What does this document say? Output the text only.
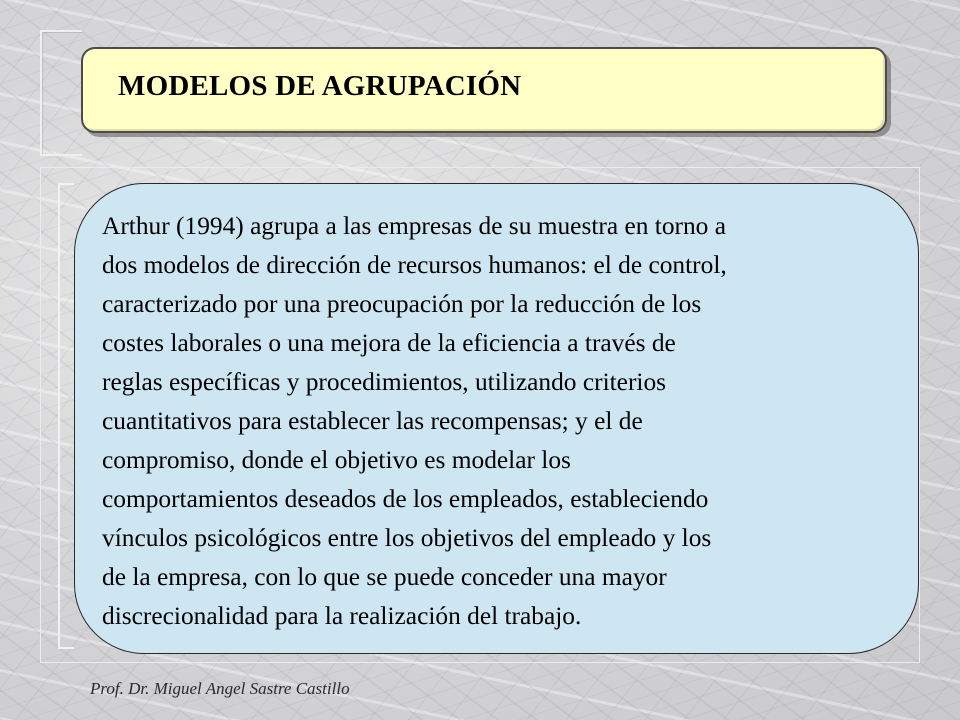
MODELOS DE AGRUPACIÓN
Arthur (1994) agrupa a las empresas de su muestra en torno a
dos modelos de dirección de recursos humanos: el de control,
caracterizado por una preocupación por la reducción de los
costes laborales o una mejora de la eficiencia a través de
reglas específicas y procedimientos, utilizando criterios
cuantitativos para establecer las recompensas; y el de
compromiso, donde el objetivo es modelar los
comportamientos deseados de los empleados, estableciendo
vínculos psicológicos entre los objetivos del empleado y los
de la empresa, con lo que se puede conceder una mayor
discrecionalidad para la realización del trabajo.
Prof. Dr. Miguel Angel Sastre Castillo
